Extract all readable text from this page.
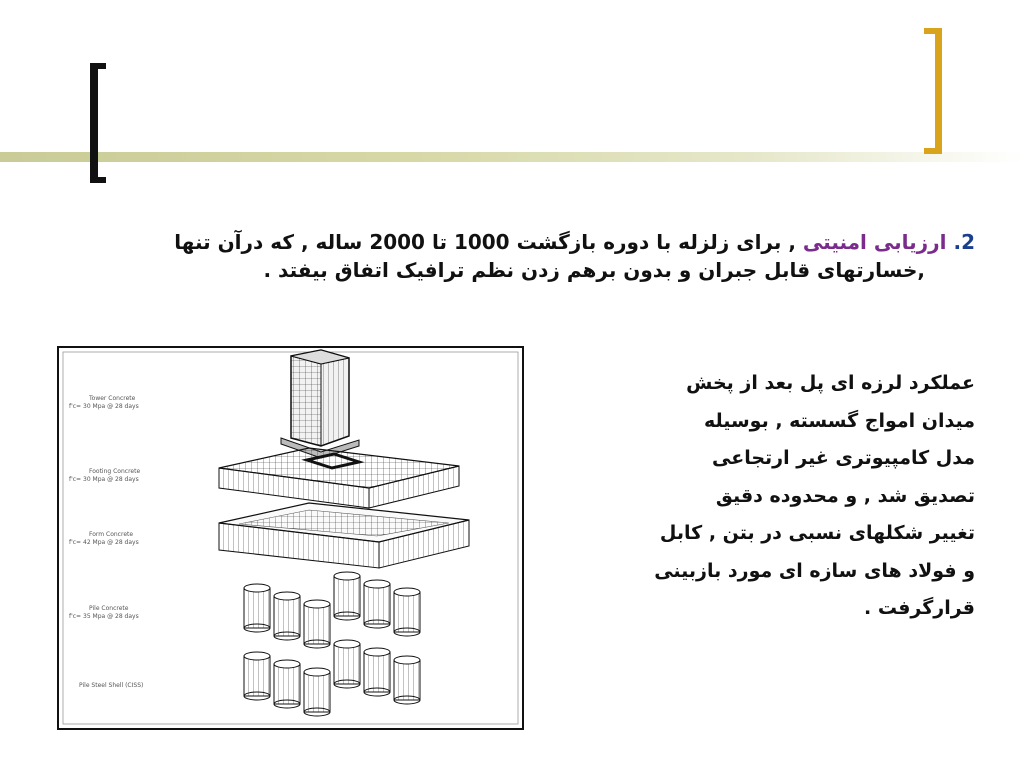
2. ارزیابی امنیتی , برای زلزله با دوره بازگشت 1000 تا 2000 ساله , که درآن تنها
,خسارتهای قابل جبران و بدون برهم زدن نظم ترافیک اتفاق بیفتد .
Tower Concrete
f'c= 30 Mpa @ 28 days
Footing Concrete
f'c= 30 Mpa @ 28 days
Form Concrete
f'c= 42 Mpa @ 28 days
Pile Concrete
f'c= 35 Mpa @ 28 days
Pile Steel Shell (CISS)
عملکرد لرزه ای پل بعد از پخش
میدان امواج گسسته , بوسیله
مدل کامپیوتری غیر ارتجاعی
تصدیق شد , و محدوده دقیق
تغییر شکلهای نسبی در بتن , کابل
و فولاد های سازه ای مورد بازبینی
قرارگرفت .
